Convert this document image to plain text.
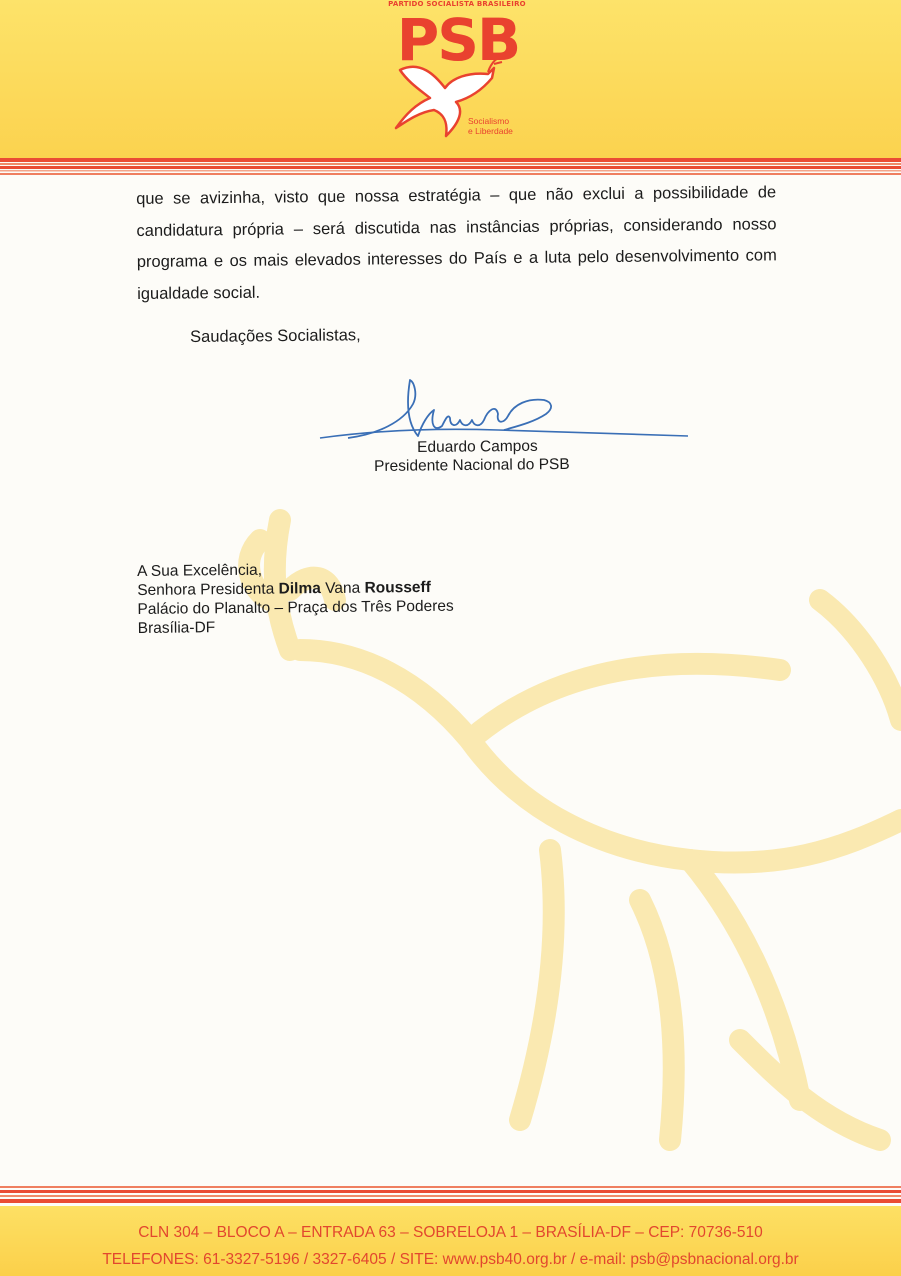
PARTIDO SOCIALISTA BRASILEIRO
PSB
Socialismo
e Liberdade
que se avizinha, visto que nossa estratégia – que não exclui a possibilidade de candidatura própria – será discutida nas instâncias próprias, considerando nosso programa e os mais elevados interesses do País e a luta pelo desenvolvimento com igualdade social.
Saudações Socialistas,
Eduardo Campos
Presidente Nacional do PSB
A Sua Excelência,
Senhora Presidenta Dilma Vana Rousseff
Palácio do Planalto – Praça dos Três Poderes
Brasília-DF
CLN 304 – BLOCO A – ENTRADA 63 – SOBRELOJA 1 – BRASÍLIA-DF – CEP: 70736-510
TELEFONES: 61-3327-5196 / 3327-6405 / SITE: www.psb40.org.br / e-mail: psb@psbnacional.org.br
